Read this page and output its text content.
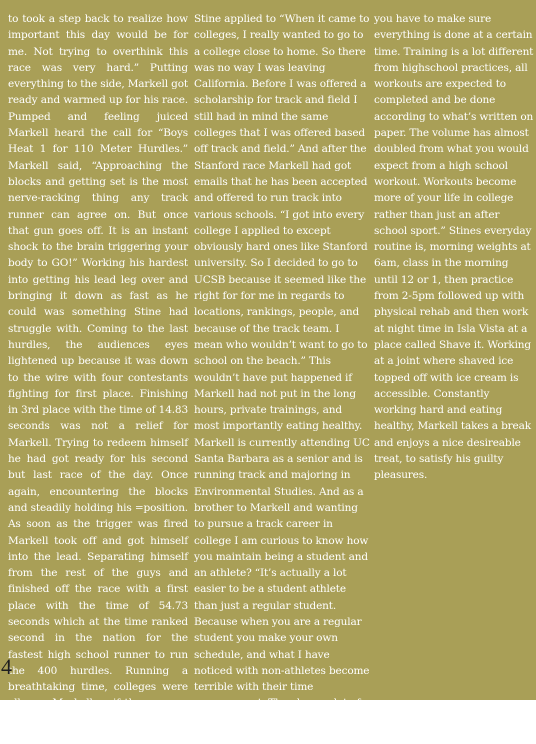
to took a step back to realize how important this day would be for me. Not trying to overthink this race was very hard.” Putting everything to the side, Markell got ready and warmed up for his race. Pumped and feeling juiced Markell heard the call for “Boys Heat 1 for 110 Meter Hurdles.” Markell said, “Approaching the blocks and getting set is the most nerve-racking thing any track runner can agree on. But once that gun goes off. It is an instant shock to the brain triggering your body to GO!” Working his hardest into getting his lead leg over and bringing it down as fast as he could was something Stine had struggle with. Coming to the last hurdles, the audiences eyes lightened up because it was down to the wire with four contestants fighting for first place. Finishing in 3rd place with the time of 14.83 seconds was not a relief for Markell. Trying to redeem himself he had got ready for his second but last race of the day. Once again, encountering the blocks and steadily holding his =position. As soon as the trigger was fired Markell took off and got himself into the lead. Separating himself from the rest of the guys and finished off the race with a first place with the time of 54.73 seconds which at the time ranked second in the nation for the fastest high school runner to run the 400 hurdles. Running a breathtaking time, colleges were all over Markell as if they were a swamp of young women chasing after Leonardo Dicaprio.

Stine applied to “When it came to colleges, I really wanted to go to a college close to home. So there was no way I was leaving California. Before I was offered a scholarship for track and field I still had in mind the same colleges that I was offered based off track and field.” And after the Stanford race Markell had got emails that he has been accepted and offered to run track into various schools. “I got into every college I applied to except obviously hard ones like Stanford university. So I decided to go to UCSB because it seemed like the right for for me in regards to locations, rankings, people, and because of the track team. I mean who wouldn’t want to go to school on the beach.” This wouldn’t have put happened if Markell had not put in the long hours, private trainings, and most importantly eating healthy. Markell is currently attending UC Santa Barbara as a senior and is running track and majoring in Environmental Studies. And as a brother to Markell and wanting to pursue a track career in college I am curious to know how you maintain being a student and an athlete? “It’s actually a lot easier to be a student athlete than just a regular student. Because when you are a regular student you make your own schedule, and what I have noticed with non-athletes become terrible with their time management. They have a lot of time to be lazy whereas when you are always busy with track

you have to make sure everything is done at a certain time. Training is a lot different from highschool practices, all workouts are expected to completed and be done according to what’s written on paper. The volume has almost doubled from what you would expect from a high school workout. Workouts become more of your life in college rather than just an after school sport.” Stines everyday routine is, morning weights at 6am, class in the morning until 12 or 1, then practice from 2-5pm followed up with physical rehab and then work at night time in Isla Vista at a place called Shave it. Working at a joint where shaved ice topped off with ice cream is accessible. Constantly working hard and eating healthy, Markell takes a break and enjoys a nice desireable treat, to satisfy his guilty pleasures.

4
